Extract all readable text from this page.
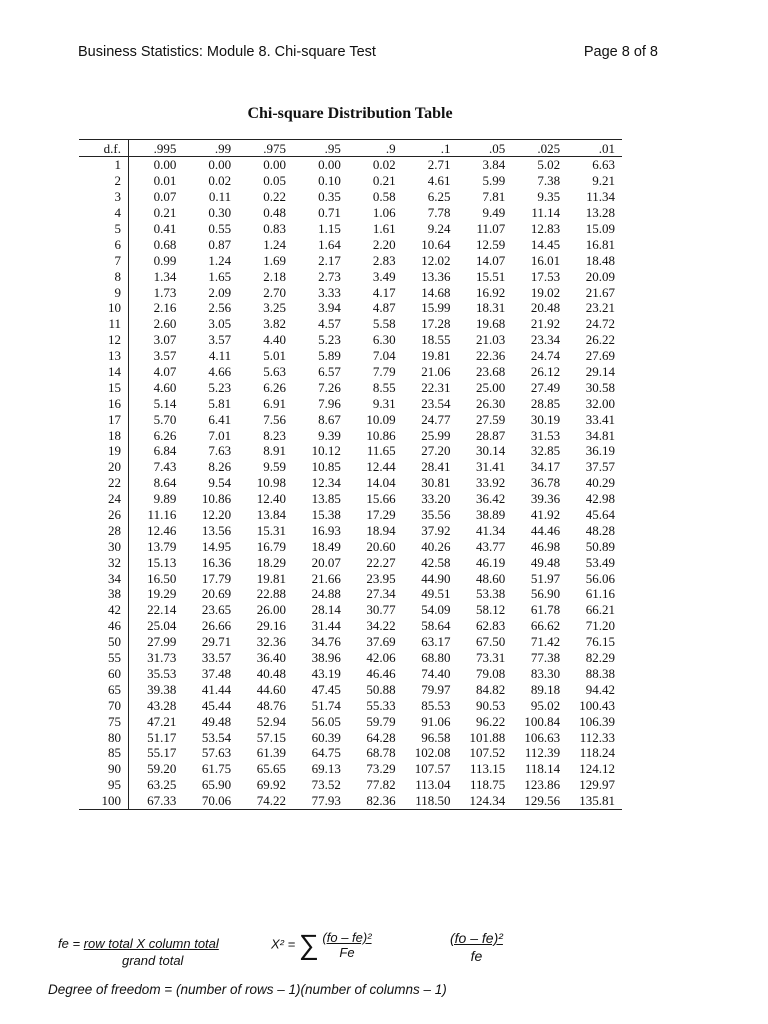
Business Statistics: Module 8. Chi-square Test	Page 8 of 8
Chi-square Distribution Table
d.f.	.995	.99	.975	.95	.9	.1	.05	.025	.01
1	0.00	0.00	0.00	0.00	0.02	2.71	3.84	5.02	6.63
2	0.01	0.02	0.05	0.10	0.21	4.61	5.99	7.38	9.21
3	0.07	0.11	0.22	0.35	0.58	6.25	7.81	9.35	11.34
4	0.21	0.30	0.48	0.71	1.06	7.78	9.49	11.14	13.28
5	0.41	0.55	0.83	1.15	1.61	9.24	11.07	12.83	15.09
6	0.68	0.87	1.24	1.64	2.20	10.64	12.59	14.45	16.81
7	0.99	1.24	1.69	2.17	2.83	12.02	14.07	16.01	18.48
8	1.34	1.65	2.18	2.73	3.49	13.36	15.51	17.53	20.09
9	1.73	2.09	2.70	3.33	4.17	14.68	16.92	19.02	21.67
10	2.16	2.56	3.25	3.94	4.87	15.99	18.31	20.48	23.21
11	2.60	3.05	3.82	4.57	5.58	17.28	19.68	21.92	24.72
12	3.07	3.57	4.40	5.23	6.30	18.55	21.03	23.34	26.22
13	3.57	4.11	5.01	5.89	7.04	19.81	22.36	24.74	27.69
14	4.07	4.66	5.63	6.57	7.79	21.06	23.68	26.12	29.14
15	4.60	5.23	6.26	7.26	8.55	22.31	25.00	27.49	30.58
16	5.14	5.81	6.91	7.96	9.31	23.54	26.30	28.85	32.00
17	5.70	6.41	7.56	8.67	10.09	24.77	27.59	30.19	33.41
18	6.26	7.01	8.23	9.39	10.86	25.99	28.87	31.53	34.81
19	6.84	7.63	8.91	10.12	11.65	27.20	30.14	32.85	36.19
20	7.43	8.26	9.59	10.85	12.44	28.41	31.41	34.17	37.57
22	8.64	9.54	10.98	12.34	14.04	30.81	33.92	36.78	40.29
24	9.89	10.86	12.40	13.85	15.66	33.20	36.42	39.36	42.98
26	11.16	12.20	13.84	15.38	17.29	35.56	38.89	41.92	45.64
28	12.46	13.56	15.31	16.93	18.94	37.92	41.34	44.46	48.28
30	13.79	14.95	16.79	18.49	20.60	40.26	43.77	46.98	50.89
32	15.13	16.36	18.29	20.07	22.27	42.58	46.19	49.48	53.49
34	16.50	17.79	19.81	21.66	23.95	44.90	48.60	51.97	56.06
38	19.29	20.69	22.88	24.88	27.34	49.51	53.38	56.90	61.16
42	22.14	23.65	26.00	28.14	30.77	54.09	58.12	61.78	66.21
46	25.04	26.66	29.16	31.44	34.22	58.64	62.83	66.62	71.20
50	27.99	29.71	32.36	34.76	37.69	63.17	67.50	71.42	76.15
55	31.73	33.57	36.40	38.96	42.06	68.80	73.31	77.38	82.29
60	35.53	37.48	40.48	43.19	46.46	74.40	79.08	83.30	88.38
65	39.38	41.44	44.60	47.45	50.88	79.97	84.82	89.18	94.42
70	43.28	45.44	48.76	51.74	55.33	85.53	90.53	95.02	100.43
75	47.21	49.48	52.94	56.05	59.79	91.06	96.22	100.84	106.39
80	51.17	53.54	57.15	60.39	64.28	96.58	101.88	106.63	112.33
85	55.17	57.63	61.39	64.75	68.78	102.08	107.52	112.39	118.24
90	59.20	61.75	65.65	69.13	73.29	107.57	113.15	118.14	124.12
95	63.25	65.90	69.92	73.52	77.82	113.04	118.75	123.86	129.97
100	67.33	70.06	74.22	77.93	82.36	118.50	124.34	129.56	135.81
fe = row total X column total
grand total
X² = ∑ $\frac{\text{(fo – fe)²}}{Fe}$	$\frac{\text{(fo – fe)²}}{fe}$
Degree of freedom = (number of rows – 1)(number of columns – 1)
